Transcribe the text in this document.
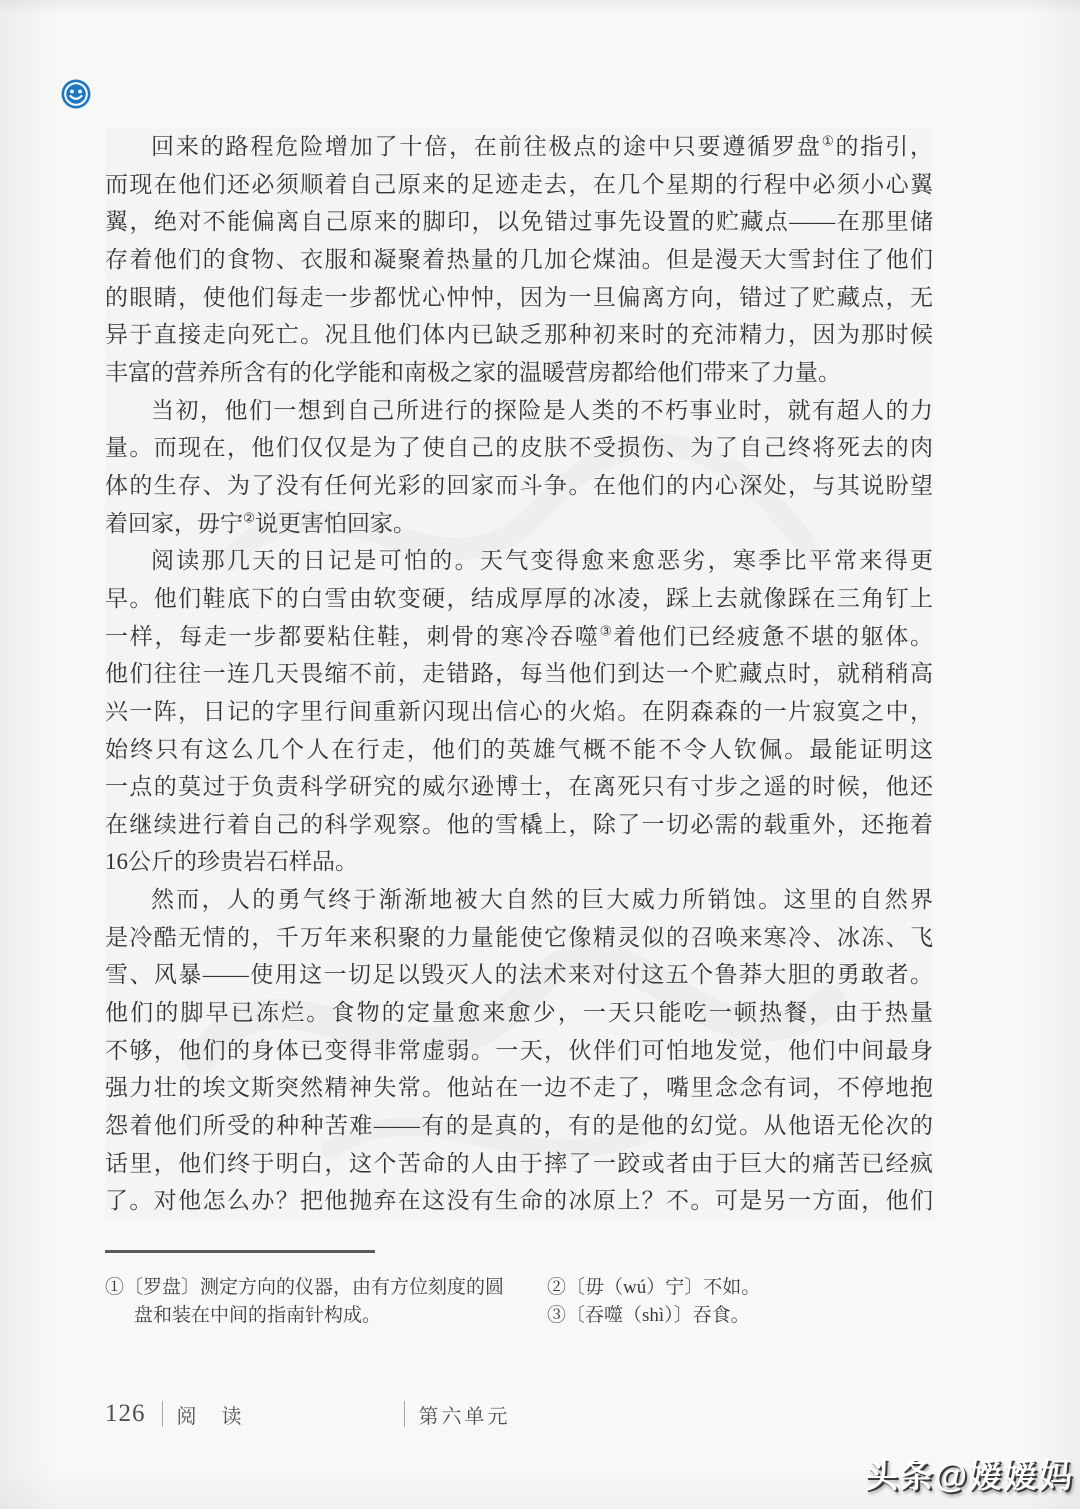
回来的路程危险增加了十倍，在前往极点的途中只要遵循罗盘①的指引，
而现在他们还必须顺着自己原来的足迹走去，在几个星期的行程中必须小心翼
翼，绝对不能偏离自己原来的脚印，以免错过事先设置的贮藏点——在那里储
存着他们的食物、衣服和凝聚着热量的几加仑煤油。但是漫天大雪封住了他们
的眼睛，使他们每走一步都忧心忡忡，因为一旦偏离方向，错过了贮藏点，无
异于直接走向死亡。况且他们体内已缺乏那种初来时的充沛精力，因为那时候
丰富的营养所含有的化学能和南极之家的温暖营房都给他们带来了力量。
当初，他们一想到自己所进行的探险是人类的不朽事业时，就有超人的力
量。而现在，他们仅仅是为了使自己的皮肤不受损伤、为了自己终将死去的肉
体的生存、为了没有任何光彩的回家而斗争。在他们的内心深处，与其说盼望
着回家，毋宁②说更害怕回家。
阅读那几天的日记是可怕的。天气变得愈来愈恶劣，寒季比平常来得更
早。他们鞋底下的白雪由软变硬，结成厚厚的冰凌，踩上去就像踩在三角钉上
一样，每走一步都要粘住鞋，刺骨的寒冷吞噬③着他们已经疲惫不堪的躯体。
他们往往一连几天畏缩不前，走错路，每当他们到达一个贮藏点时，就稍稍高
兴一阵，日记的字里行间重新闪现出信心的火焰。在阴森森的一片寂寞之中，
始终只有这么几个人在行走，他们的英雄气概不能不令人钦佩。最能证明这
一点的莫过于负责科学研究的威尔逊博士，在离死只有寸步之遥的时候，他还
在继续进行着自己的科学观察。他的雪橇上，除了一切必需的载重外，还拖着
16公斤的珍贵岩石样品。
然而，人的勇气终于渐渐地被大自然的巨大威力所销蚀。这里的自然界
是冷酷无情的，千万年来积聚的力量能使它像精灵似的召唤来寒冷、冰冻、飞
雪、风暴——使用这一切足以毁灭人的法术来对付这五个鲁莽大胆的勇敢者。
他们的脚早已冻烂。食物的定量愈来愈少，一天只能吃一顿热餐，由于热量
不够，他们的身体已变得非常虚弱。一天，伙伴们可怕地发觉，他们中间最身
强力壮的埃文斯突然精神失常。他站在一边不走了，嘴里念念有词，不停地抱
怨着他们所受的种种苦难——有的是真的，有的是他的幻觉。从他语无伦次的
话里，他们终于明白，这个苦命的人由于摔了一跤或者由于巨大的痛苦已经疯
了。对他怎么办？把他抛弃在这没有生命的冰原上？不。可是另一方面，他们
①〔罗盘〕测定方向的仪器，由有方位刻度的圆
盘和装在中间的指南针构成。
②〔毋（wú）宁〕不如。
③〔吞噬（shì）〕吞食。
126 阅 读	第六单元
头条@嫒嫒妈
